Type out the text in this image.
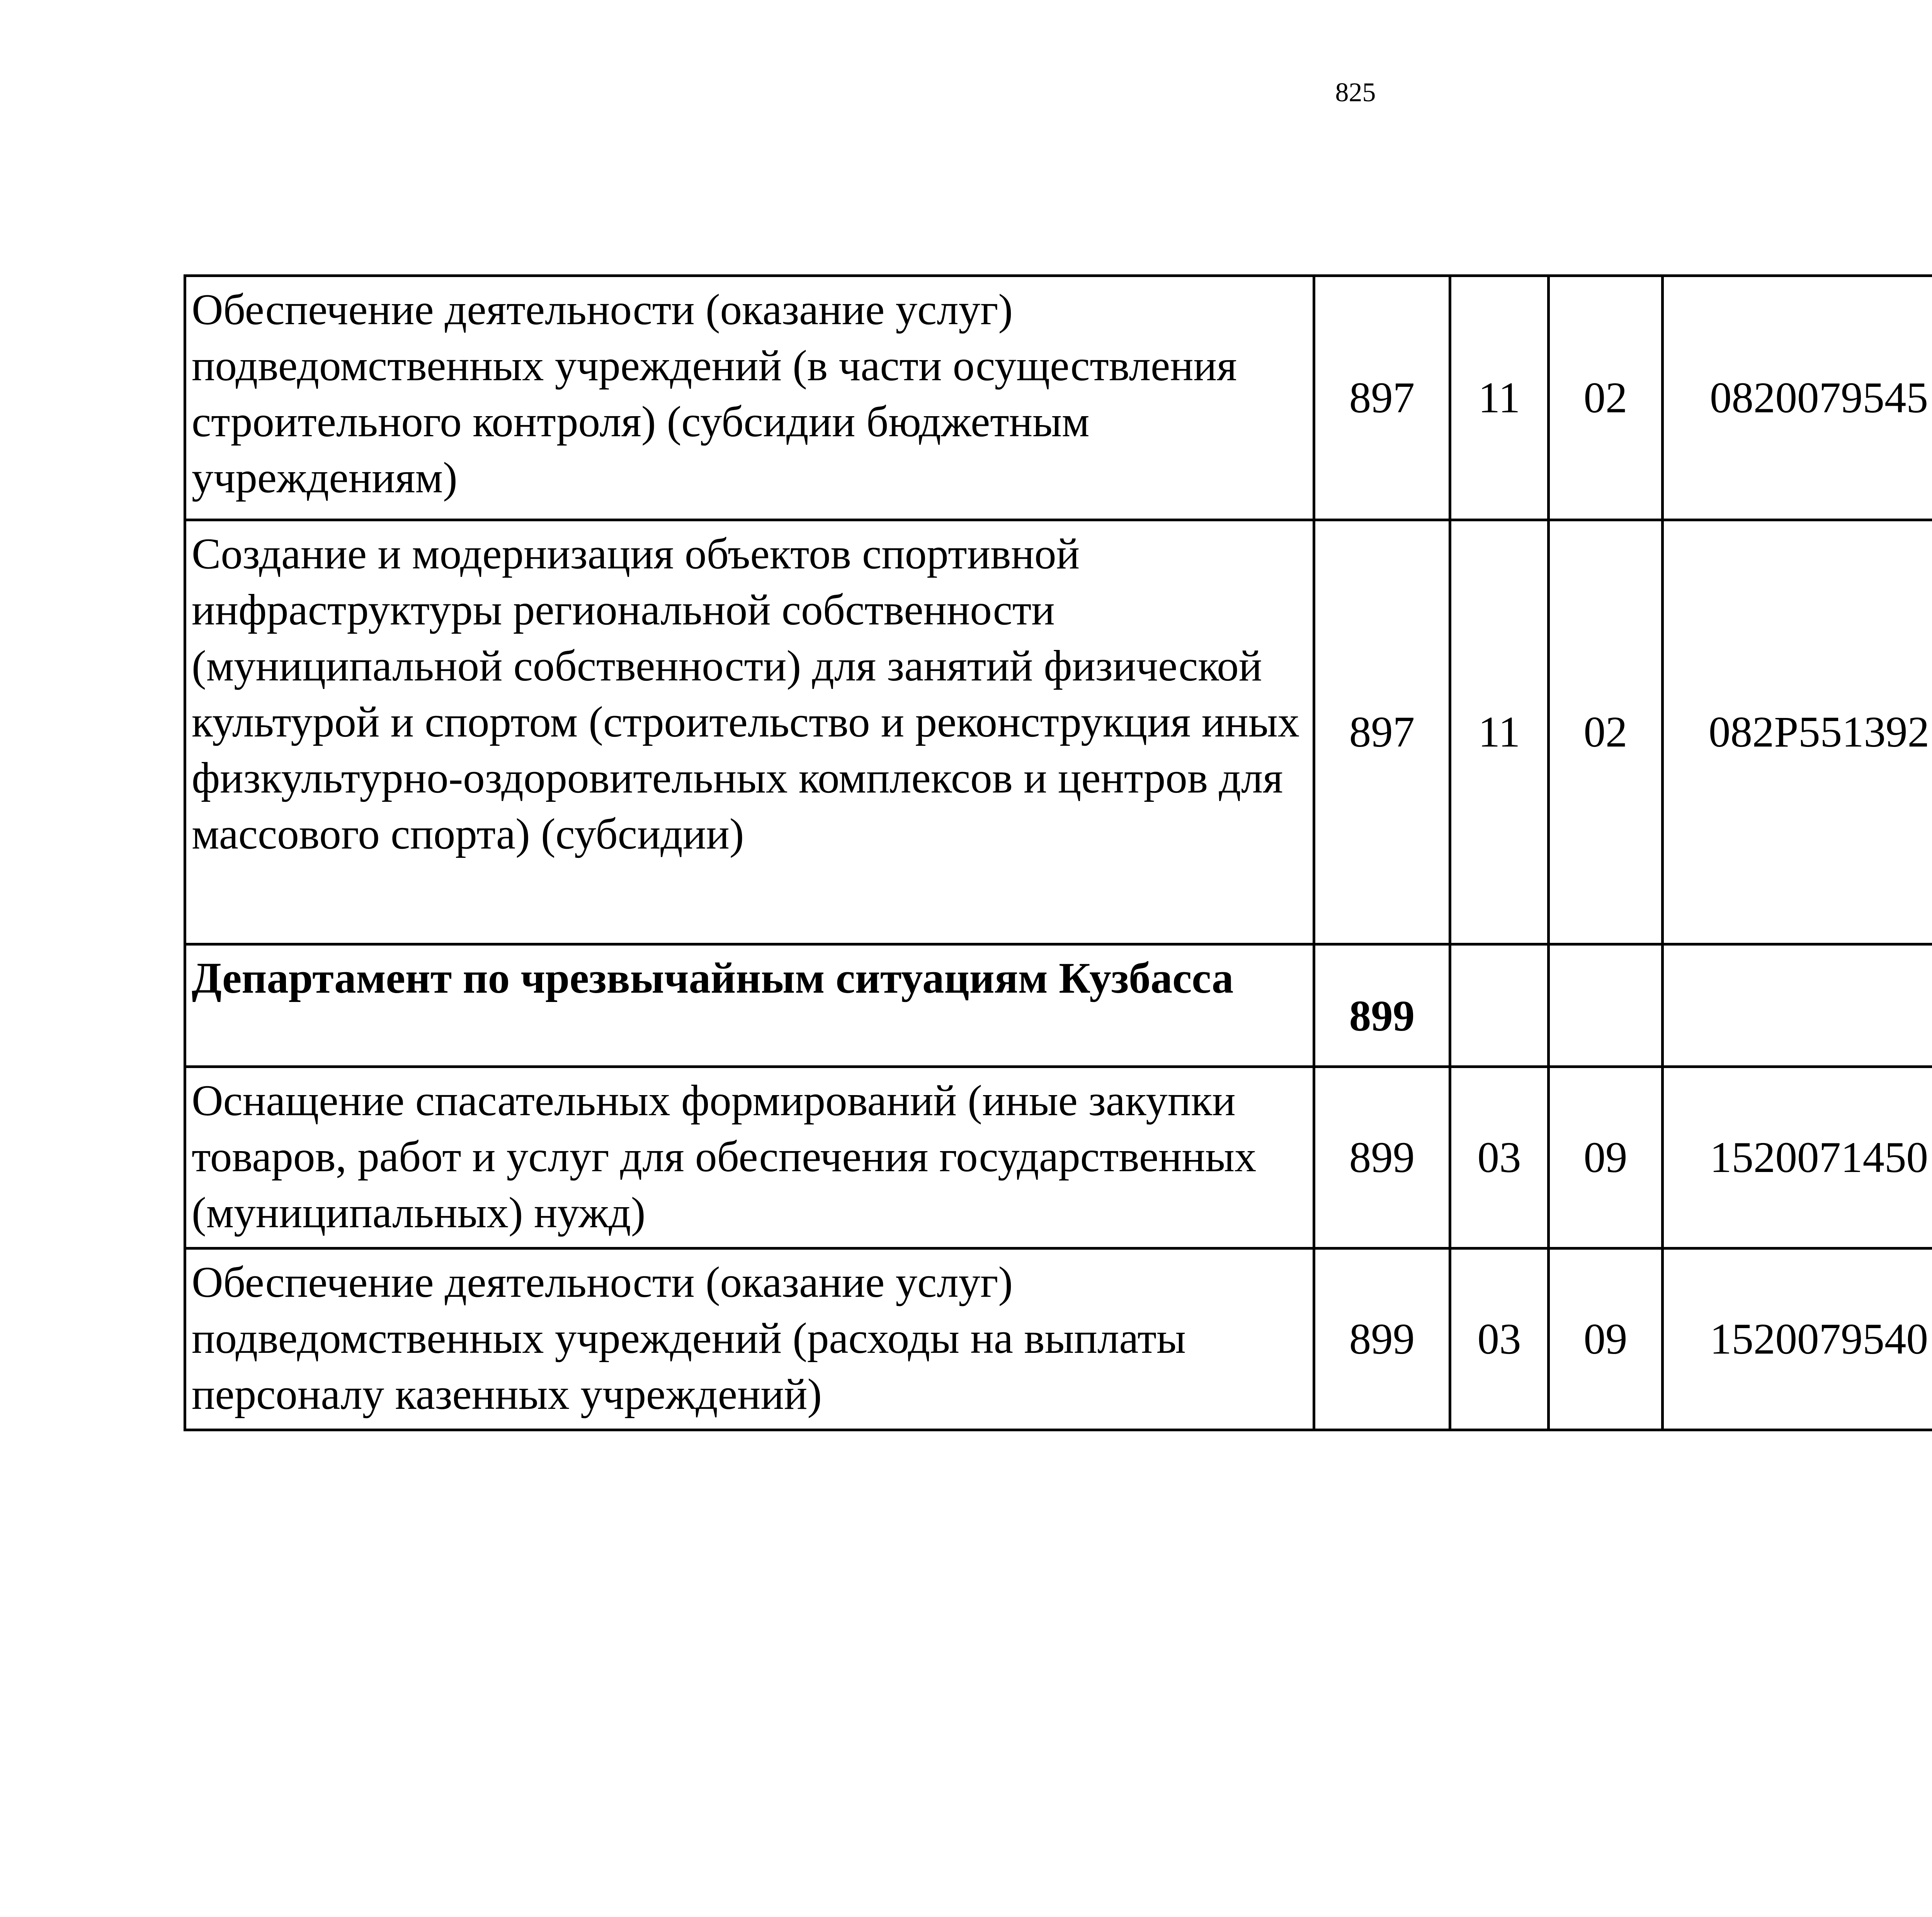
825
Обеспечение деятельности (оказание услуг) подведомственных учреждений (в части осуществления строительного контроля) (субсидии бюджетным учреждениям)	897	11	02	0820079545		
Создание и модернизация объектов спортивной инфраструктуры региональной собственности (муниципальной собственности) для занятий физической культурой и спортом (строительство и реконструкция иных физкультурно-оздоровительных комплексов и центров для массового спорта) (субсидии)	897	11	02	082P551392		
Департамент по чрезвычайным ситуациям Кузбасса	899					
Оснащение спасательных формирований (иные закупки товаров, работ и услуг для обеспечения государственных (муниципальных) нужд)	899	03	09	1520071450		
Обеспечение деятельности (оказание услуг) подведомственных учреждений (расходы на выплаты персоналу казенных учреждений)	899	03	09	1520079540		
